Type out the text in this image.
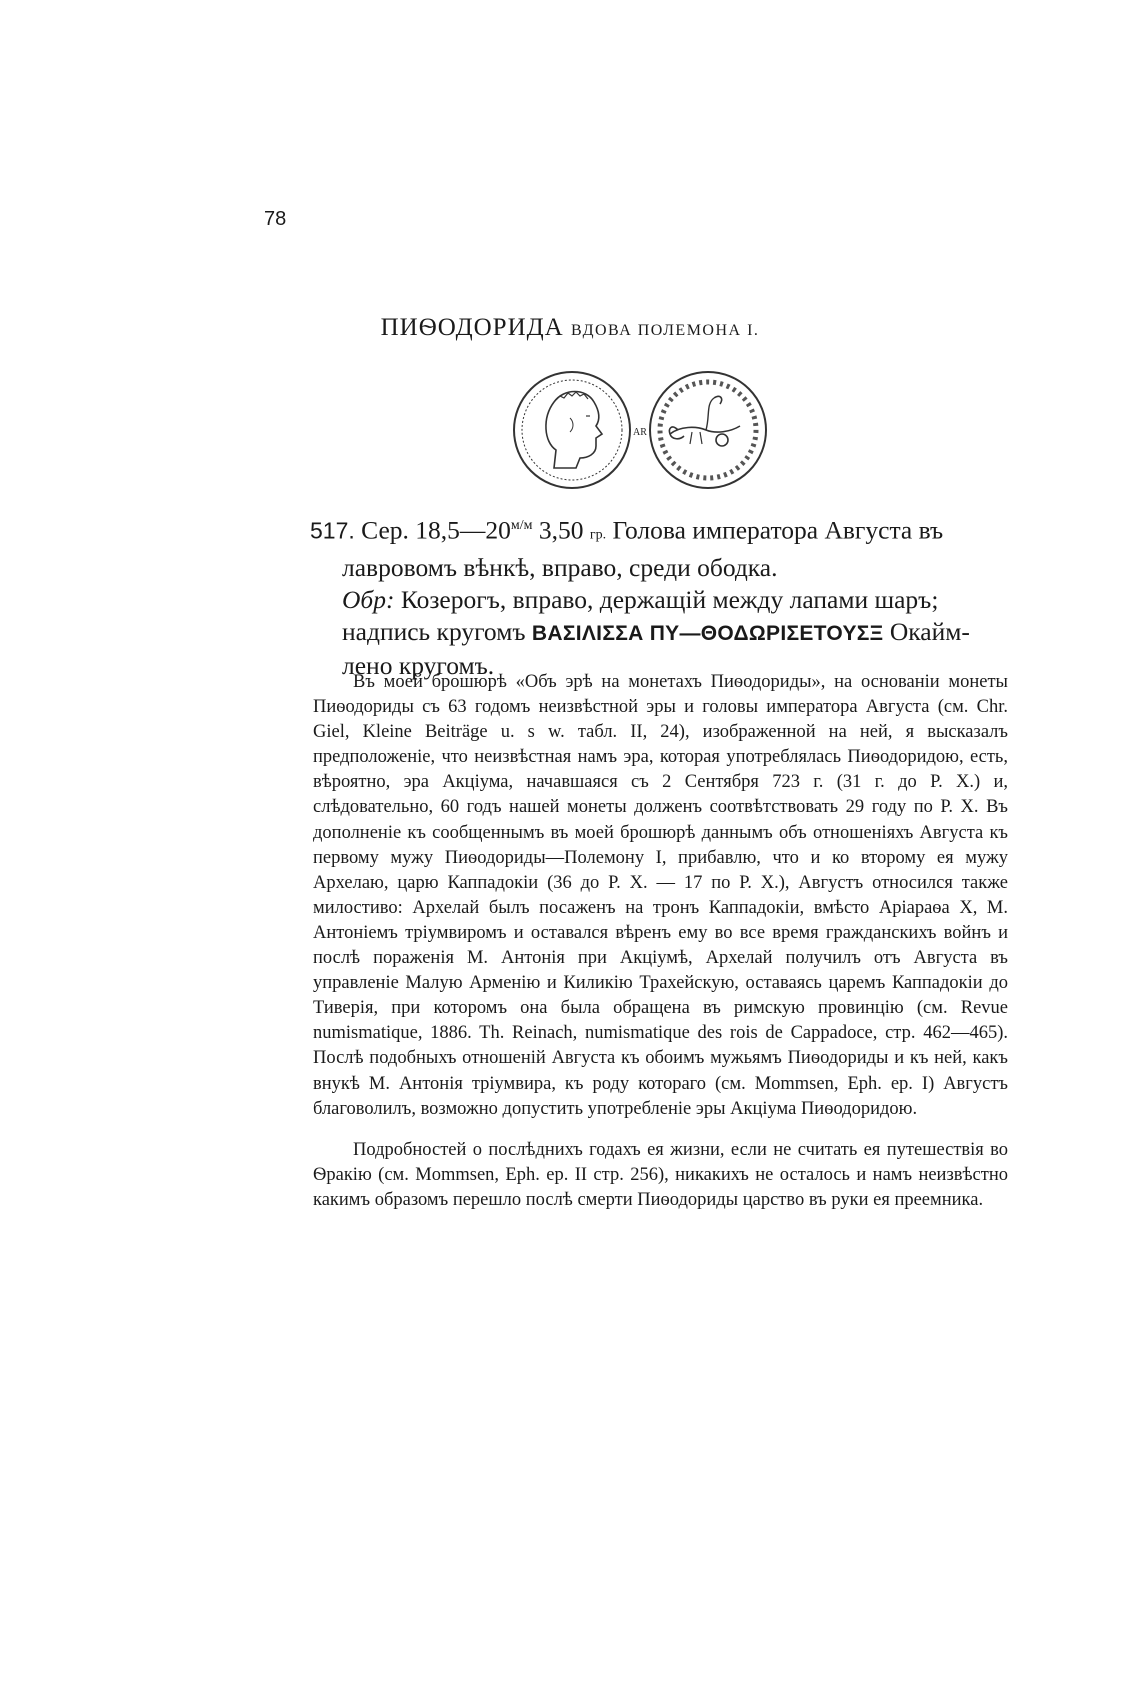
78
ПИѲОДОРИДА ВДОВА ПОЛЕМОНА I.
AR
517. Сер. $18,5—20^{м/м}$ 3,50 гр. Голова императора Августа въ
лавровомъ вѣнкѣ, вправо, среди ободка.
Обр: Козерогъ, вправо, держащій между лапами шаръ;
надпись кругомъ ΒΑΣΙΛΙΣΣΑ ΠΥ—ΘΟΔΩΡΙΣΕΤΟΥΣΞ Окайм-
лено кругомъ.

Въ моей брошюрѣ «Объ эрѣ на монетахъ Пиѳодориды», на основаніи монеты Пиѳодориды съ 63 годомъ неизвѣстной эры и головы императора Августа (см. Chr. Giel, Kleine Beiträge u. s w. табл. II, 24), изображенной на ней, я высказалъ предположеніе, что неизвѣстная намъ эра, которая употреблялась Пиѳодоридою, есть, вѣроятно, эра Акціума, начавшаяся съ 2 Сентября 723 г. (31 г. до Р. X.) и, слѣдовательно, 60 годъ нашей монеты долженъ соотвѣтствовать 29 году по Р. X. Въ дополненіе къ сообщеннымъ въ моей брошюрѣ даннымъ объ отношеніяхъ Августа къ первому мужу Пиѳодориды—Полемону I, прибавлю, что и ко второму ея мужу Архелаю, царю Каппадокіи (36 до Р. X. — 17 по Р. X.), Августъ относился также милостиво: Архелай былъ посаженъ на тронъ Каппадокіи, вмѣсто Аріараѳа X, М. Антоніемъ тріумвиромъ и оставался вѣренъ ему во все время гражданскихъ войнъ и послѣ пораженія М. Антонія при Акціумѣ, Архелай получилъ отъ Августа въ управленіе Малую Арменію и Киликію Трахейскую, оставаясь царемъ Каппадокіи до Тиверія, при которомъ она была обращена въ римскую провинцію (см. Revue numismatique, 1886. Th. Reinach, numismatique des rois de Cappadoce, стр. 462—465). Послѣ подобныхъ отношеній Августа къ обоимъ мужьямъ Пиѳодориды и къ ней, какъ внукѣ М. Антонія тріумвира, къ роду котораго (см. Mommsen, Eph. ep. I) Августъ благоволилъ, возможно допустить употребленіе эры Акціума Пиѳодоридою.

Подробностей о послѣднихъ годахъ ея жизни, если не считать ея путешествія во Ѳракію (см. Mommsen, Eph. ep. II стр. 256), никакихъ не осталось и намъ неизвѣстно какимъ образомъ перешло послѣ смерти Пиѳодориды царство въ руки ея преемника.
